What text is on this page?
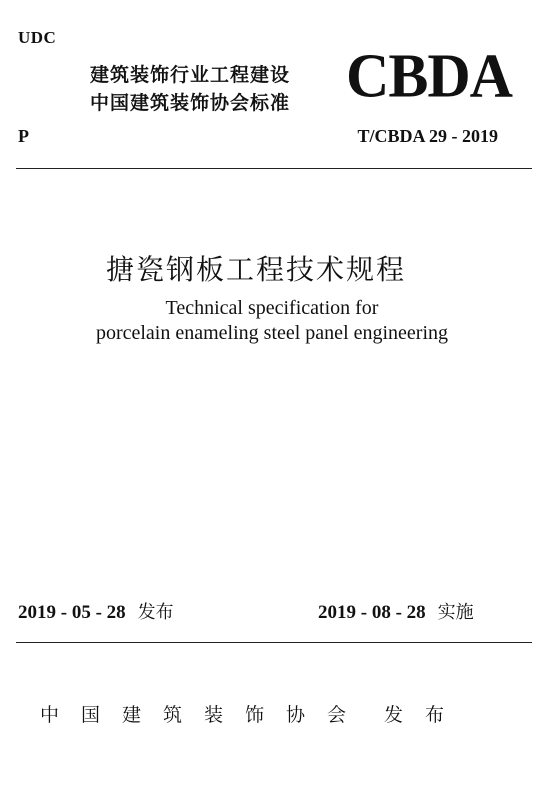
UDC
建筑装饰行业工程建设
中国建筑装饰协会标准 CBDA
P	T/CBDA 29 - 2019
搪瓷钢板工程技术规程
Technical specification for
porcelain enameling steel panel engineering
2019 - 05 - 28 发布	2019 - 08 - 28 实施
中 国 建 筑 装 饰 协 会 发布
